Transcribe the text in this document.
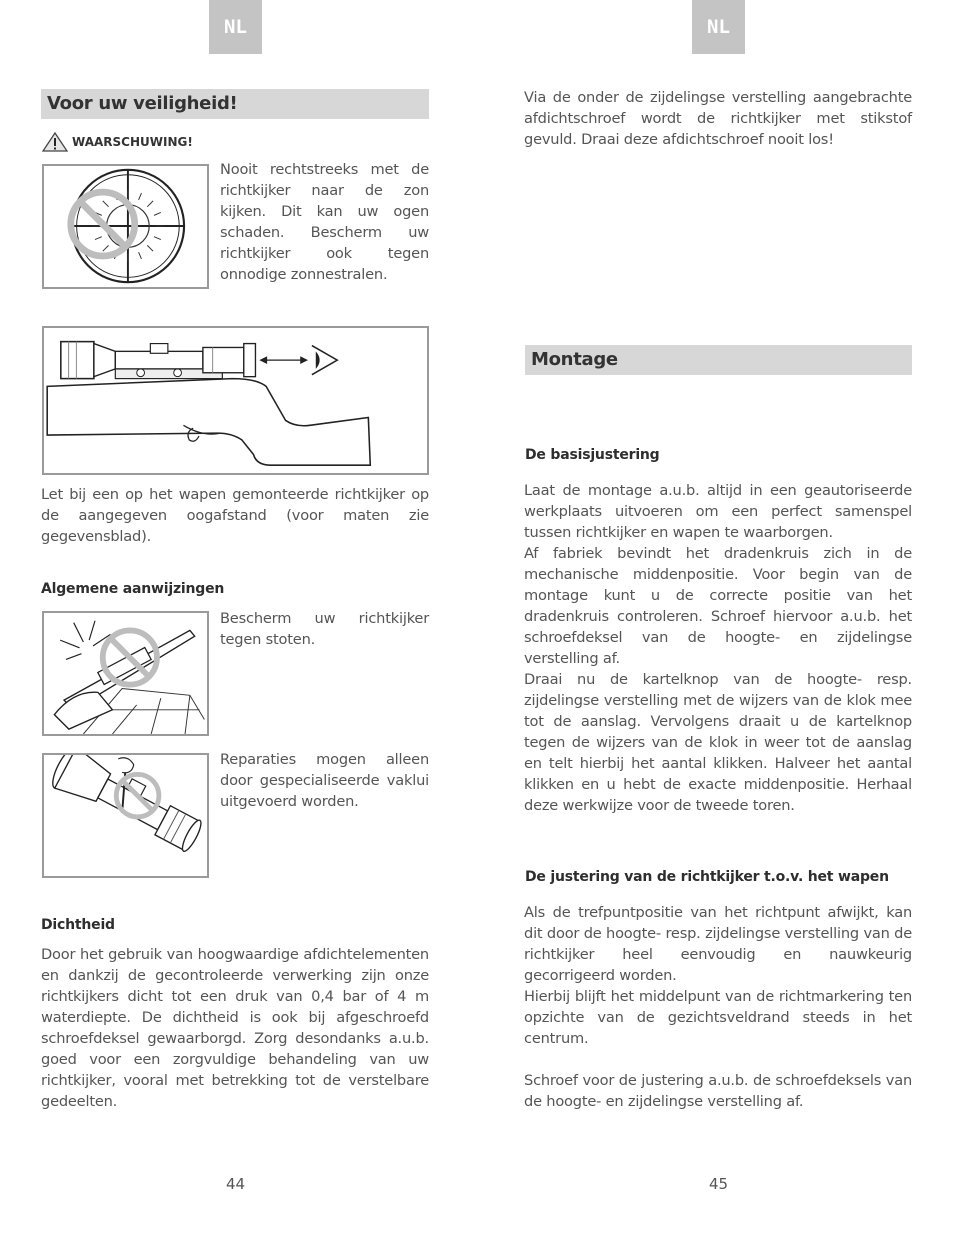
NL
Voor uw veiligheid!
WAARSCHUWING!
Nooit rechtstreeks met de richtkijker naar de zon kijken. Dit kan uw ogen schaden. Bescherm uw richtkijker ook tegen onnodige zonnestralen.
Let bij een op het wapen gemonteerde richtkijker op de aangegeven oogafstand (voor maten zie gegevensblad).
Algemene aanwijzingen
Bescherm uw richtkijker tegen stoten.
Reparaties mogen alleen door gespecialiseerde vaklui uitgevoerd worden.
Dichtheid
Door het gebruik van hoogwaardige afdichtelementen en dankzij de gecontroleerde verwerking zijn onze richtkijkers dicht tot een druk van 0,4 bar of 4 m waterdiepte. De dichtheid is ook bij afgeschroefd schroefdeksel gewaarborgd. Zorg desondanks a.u.b. goed voor een zorgvuldige behandeling van uw richtkijker, vooral met betrekking tot de verstelbare gedeelten.
44
NL
Via de onder de zijdelingse verstelling aangebrachte afdichtschroef wordt de richtkijker met stikstof gevuld. Draai deze afdichtschroef nooit los!
Montage
De basisjustering
Laat de montage a.u.b. altijd in een geautoriseerde werkplaats uitvoeren om een perfect samenspel tussen richtkijker en wapen te waarborgen.
Af fabriek bevindt het dradenkruis zich in de mechanische middenpositie. Voor begin van de montage kunt u de correcte positie van het dradenkruis controleren. Schroef hiervoor a.u.b. het schroefdeksel van de hoogte- en zijdelingse verstelling af.
Draai nu de kartelknop van de hoogte- resp. zijdelingse verstelling met de wijzers van de klok mee tot de aanslag. Vervolgens draait u de kartelknop tegen de wijzers van de klok in weer tot de aanslag en telt hierbij het aantal klikken. Halveer het aantal klikken en u hebt de exacte middenpositie. Herhaal deze werkwijze voor de tweede toren.
De justering van de richtkijker t.o.v. het wapen
Als de trefpuntpositie van het richtpunt afwijkt, kan dit door de hoogte- resp. zijdelingse verstelling van de richtkijker heel eenvoudig en nauwkeurig gecorrigeerd worden.
Hierbij blijft het middelpunt van de richtmarkering ten opzichte van de gezichtsveldrand steeds in het centrum.

Schroef voor de justering a.u.b. de schroefdeksels van de hoogte- en zijdelingse verstelling af.
45
